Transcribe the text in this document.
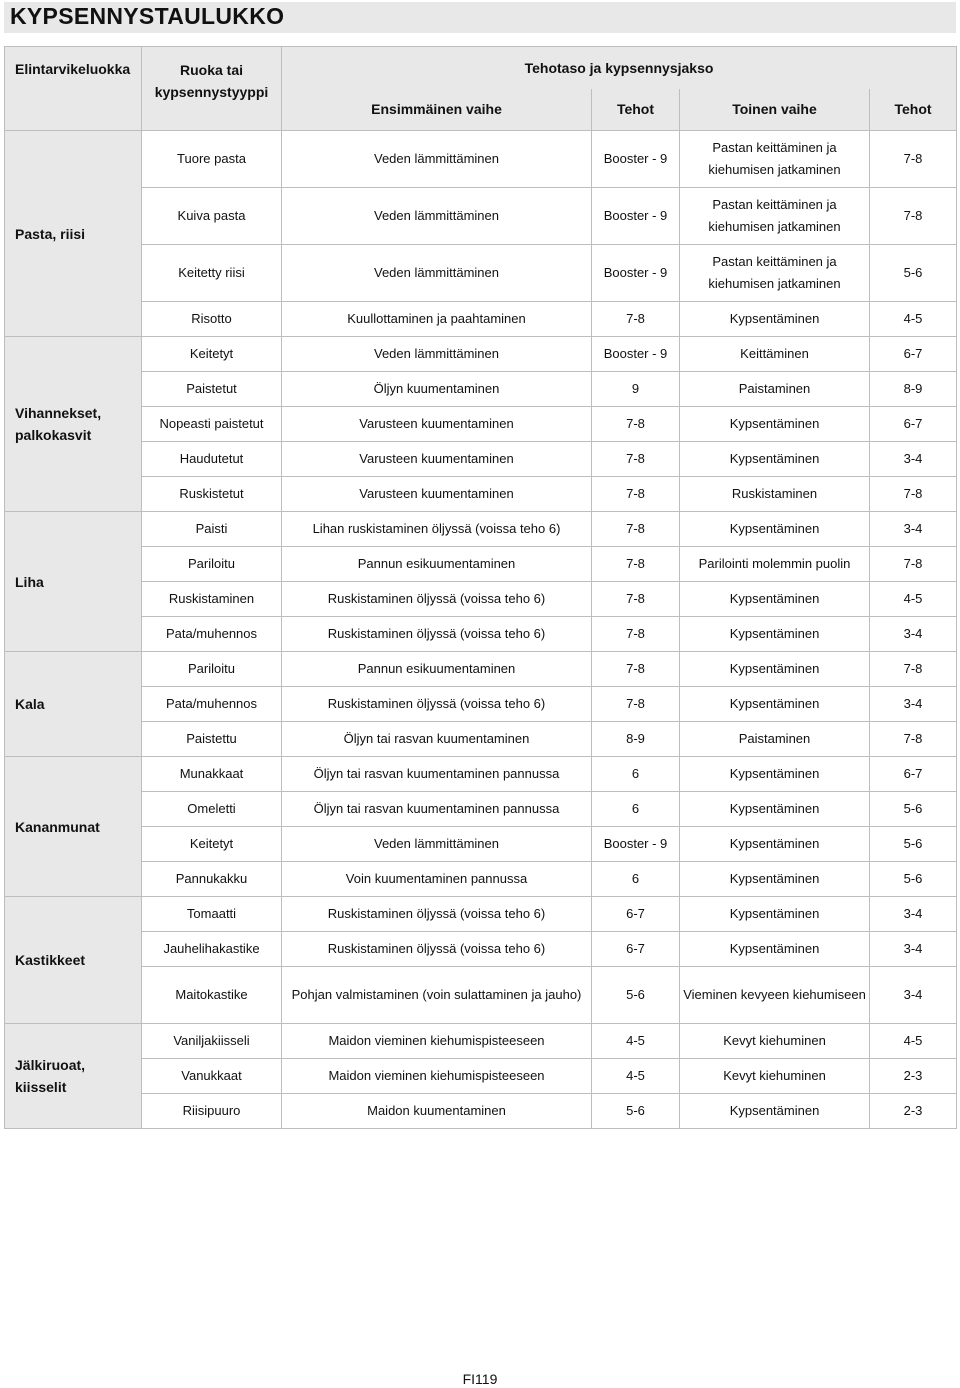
KYPSENNYSTAULUKKO
Elintarvikeluokka	Ruoka tai kypsennystyyppi	Tehotaso ja kypsennysjakso			
		Ensimmäinen vaihe	Tehot	Toinen vaihe	Tehot
Pasta, riisi	Tuore pasta	Veden lämmittäminen	Booster - 9	Pastan keittäminen ja kiehumisen jatkaminen	7-8
	Kuiva pasta	Veden lämmittäminen	Booster - 9	Pastan keittäminen ja kiehumisen jatkaminen	7-8
	Keitetty riisi	Veden lämmittäminen	Booster - 9	Pastan keittäminen ja kiehumisen jatkaminen	5-6
	Risotto	Kuullottaminen ja paahtaminen	7-8	Kypsentäminen	4-5
Vihannekset, palkokasvit	Keitetyt	Veden lämmittäminen	Booster - 9	Keittäminen	6-7
	Paistetut	Öljyn kuumentaminen	9	Paistaminen	8-9
	Nopeasti paistetut	Varusteen kuumentaminen	7-8	Kypsentäminen	6-7
	Haudutetut	Varusteen kuumentaminen	7-8	Kypsentäminen	3-4
	Ruskistetut	Varusteen kuumentaminen	7-8	Ruskistaminen	7-8
Liha	Paisti	Lihan ruskistaminen öljyssä (voissa teho 6)	7-8	Kypsentäminen	3-4
	Pariloitu	Pannun esikuumentaminen	7-8	Parilointi molemmin puolin	7-8
	Ruskistaminen	Ruskistaminen öljyssä (voissa teho 6)	7-8	Kypsentäminen	4-5
	Pata/muhennos	Ruskistaminen öljyssä (voissa teho 6)	7-8	Kypsentäminen	3-4
Kala	Pariloitu	Pannun esikuumentaminen	7-8	Kypsentäminen	7-8
	Pata/muhennos	Ruskistaminen öljyssä (voissa teho 6)	7-8	Kypsentäminen	3-4
	Paistettu	Öljyn tai rasvan kuumentaminen	8-9	Paistaminen	7-8
Kananmunat	Munakkaat	Öljyn tai rasvan kuumentaminen pannussa	6	Kypsentäminen	6-7
	Omeletti	Öljyn tai rasvan kuumentaminen pannussa	6	Kypsentäminen	5-6
	Keitetyt	Veden lämmittäminen	Booster - 9	Kypsentäminen	5-6
	Pannukakku	Voin kuumentaminen pannussa	6	Kypsentäminen	5-6
Kastikkeet	Tomaatti	Ruskistaminen öljyssä (voissa teho 6)	6-7	Kypsentäminen	3-4
	Jauhelihakastike	Ruskistaminen öljyssä (voissa teho 6)	6-7	Kypsentäminen	3-4
	Maitokastike	Pohjan valmistaminen (voin sulattaminen ja jauho)	5-6	Vieminen kevyeen kiehumiseen	3-4
Jälkiruoat, kiisselit	Vaniljakiisseli	Maidon vieminen kiehumispisteeseen	4-5	Kevyt kiehuminen	4-5
	Vanukkaat	Maidon vieminen kiehumispisteeseen	4-5	Kevyt kiehuminen	2-3
	Riisipuuro	Maidon kuumentaminen	5-6	Kypsentäminen	2-3
FI119
